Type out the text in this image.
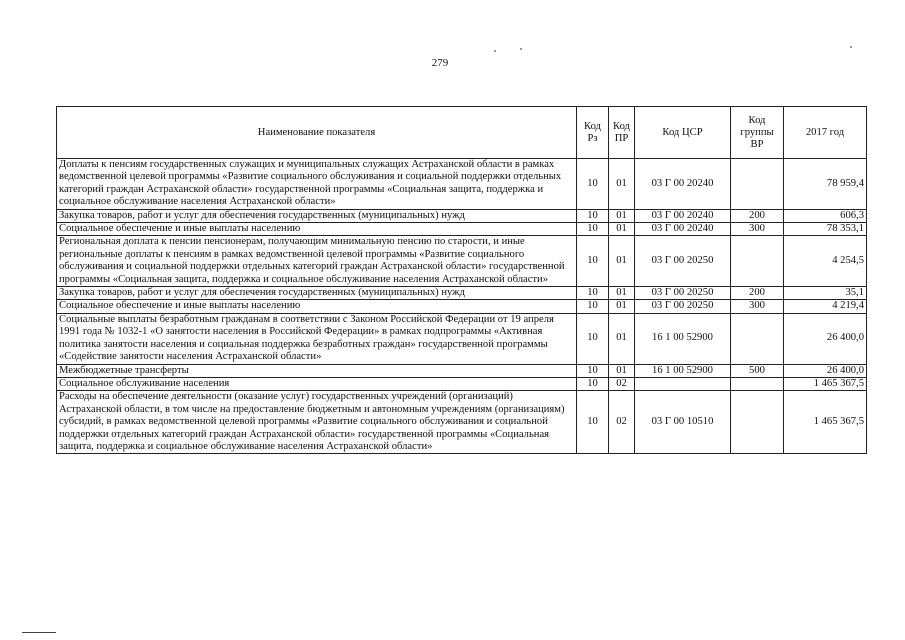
279
Наименование показателя	Код Рз	Код ПР	Код ЦСР	Код группы ВР	2017 год
Доплаты к пенсиям государственных служащих и муниципальных служащих Астраханской области в рамках ведомственной целевой программы «Развитие социального обслуживания и социальной поддержки отдельных категорий граждан Астраханской области» государственной программы «Социальная защита, поддержка и социальное обслуживание населения Астраханской области»	10	01	03 Г 00 20240		78 959,4
Закупка товаров, работ и услуг для обеспечения государственных (муниципальных) нужд	10	01	03 Г 00 20240	200	606,3
Социальное обеспечение и иные выплаты населению	10	01	03 Г 00 20240	300	78 353,1
Региональная доплата к пенсии пенсионерам, получающим минимальную пенсию по старости, и иные региональные доплаты к пенсиям в рамках ведомственной целевой программы «Развитие социального обслуживания и социальной поддержки отдельных категорий граждан Астраханской области» государственной программы «Социальная защита, поддержка и социальное обслуживание населения Астраханской области»	10	01	03 Г 00 20250		4 254,5
Закупка товаров, работ и услуг для обеспечения государственных (муниципальных) нужд	10	01	03 Г 00 20250	200	35,1
Социальное обеспечение и иные выплаты населению	10	01	03 Г 00 20250	300	4 219,4
Социальные выплаты безработным гражданам в соответствии с Законом Российской Федерации от 19 апреля 1991 года № 1032-1 «О занятости населения в Российской Федерации» в рамках подпрограммы «Активная политика занятости населения и социальная поддержка безработных граждан» государственной программы «Содействие занятости населения Астраханской области»	10	01	16 1 00 52900		26 400,0
Межбюджетные трансферты	10	01	16 1 00 52900	500	26 400,0
Социальное обслуживание населения	10	02			1 465 367,5
Расходы на обеспечение деятельности (оказание услуг) государственных учреждений (организаций) Астраханской области, в том числе на предоставление бюджетным и автономным учреждениям (организациям) субсидий, в рамках ведомственной целевой программы «Развитие социального обслуживания и социальной поддержки отдельных категорий граждан Астраханской области» государственной программы «Социальная защита, поддержка и социальное обслуживание населения Астраханской области»	10	02	03 Г 00 10510		1 465 367,5
